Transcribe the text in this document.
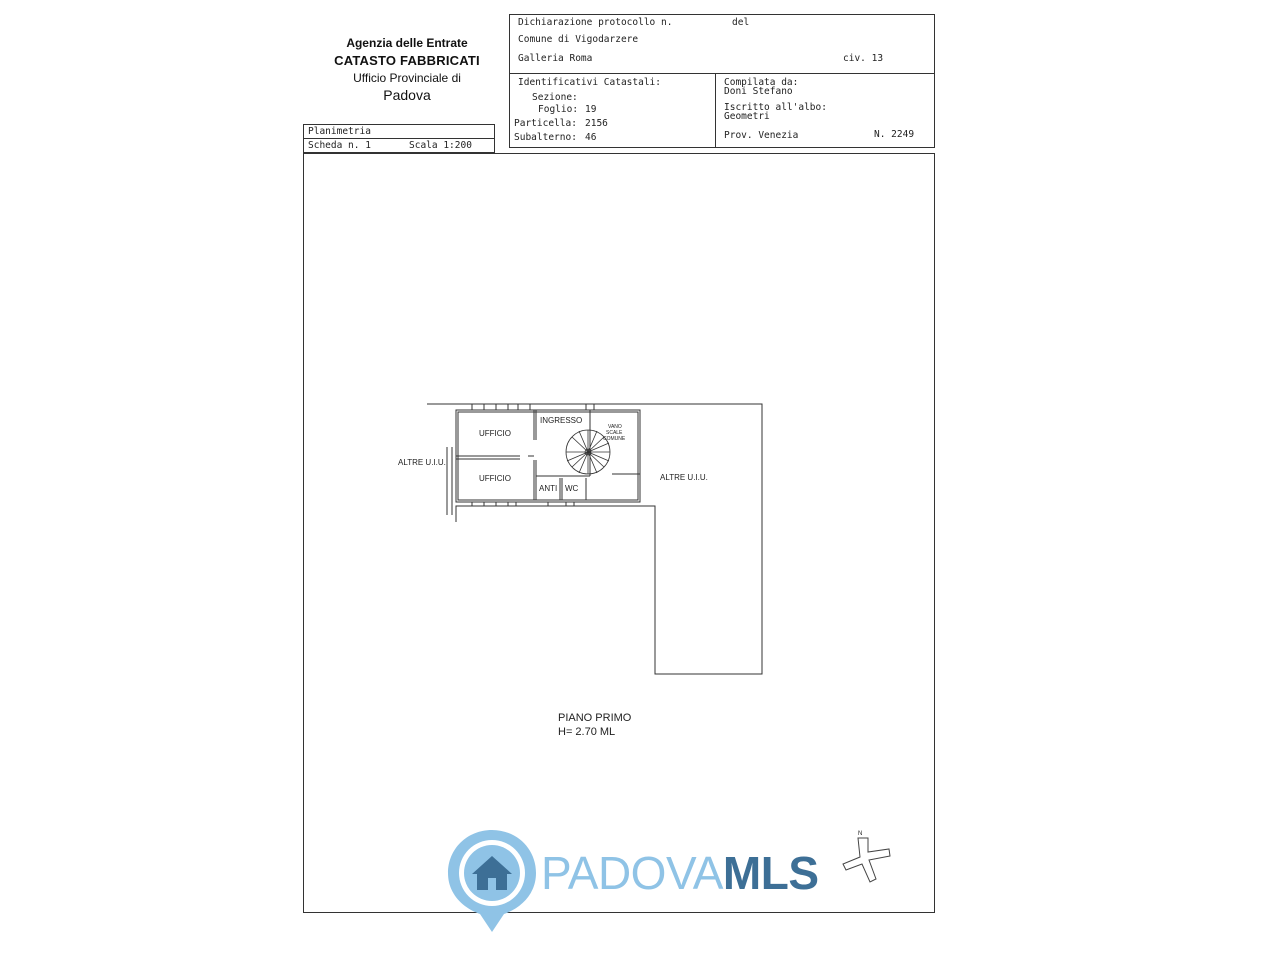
Agenzia delle Entrate
CATASTO FABBRICATI
Ufficio Provinciale di
Padova
Dichiarazione protocollo n.	del
Comune di Vigodarzere
Galleria Roma	civ. 13
Identificativi Catastali:
Sezione:
Foglio: 19
Particella: 2156
Subalterno: 46
Compilata da:
Doni Stefano
Iscritto all'albo:
Geometri
Prov. Venezia	N. 2249
Planimetria
Scheda n. 1	Scala 1:200
UFFICIO
UFFICIO
INGRESSO
ANTI WC
VANO
SCALE
COMUNE
ALTRE U.I.U.
ALTRE U.I.U.
PIANO PRIMO
H= 2.70 ML
N
PADOVAMLS
